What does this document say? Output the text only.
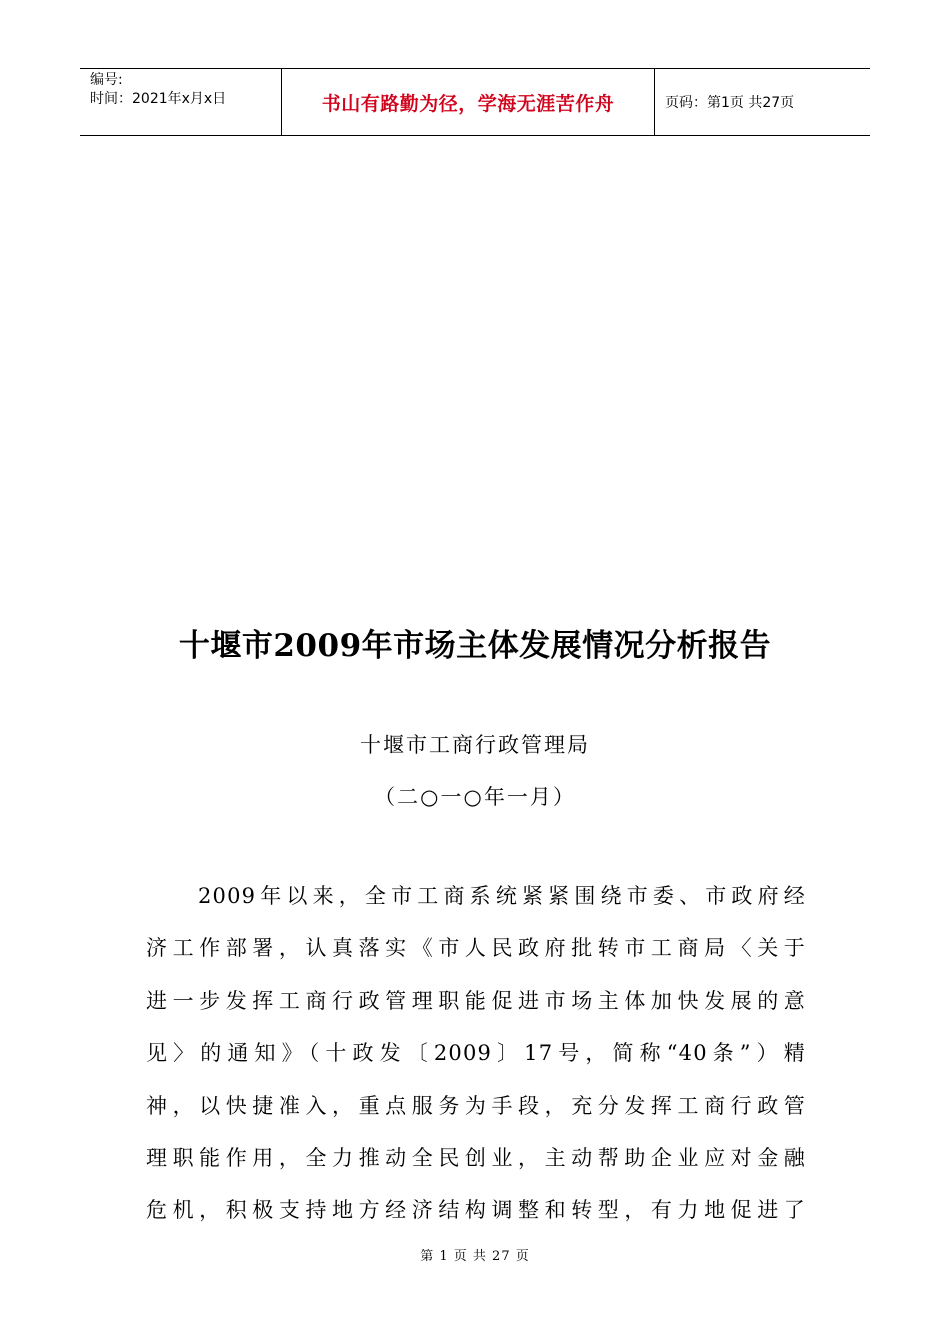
编号:
时间：2021年x月x日	书山有路勤为径，学海无涯苦作舟	页码：第1页 共27页
十堰市2009年市场主体发展情况分析报告
十堰市工商行政管理局
（二○一○年一月）
2009年以来，全市工商系统紧紧围绕市委、市政府经
济工作部署，认真落实《市人民政府批转市工商局〈关于
进一步发挥工商行政管理职能促进市场主体加快发展的意
见〉的通知》（十政发〔2009〕17号，简称“40条”）精
神，以快捷准入，重点服务为手段，充分发挥工商行政管
理职能作用，全力推动全民创业，主动帮助企业应对金融
危机，积极支持地方经济结构调整和转型，有力地促进了
第 1 页 共 27 页
